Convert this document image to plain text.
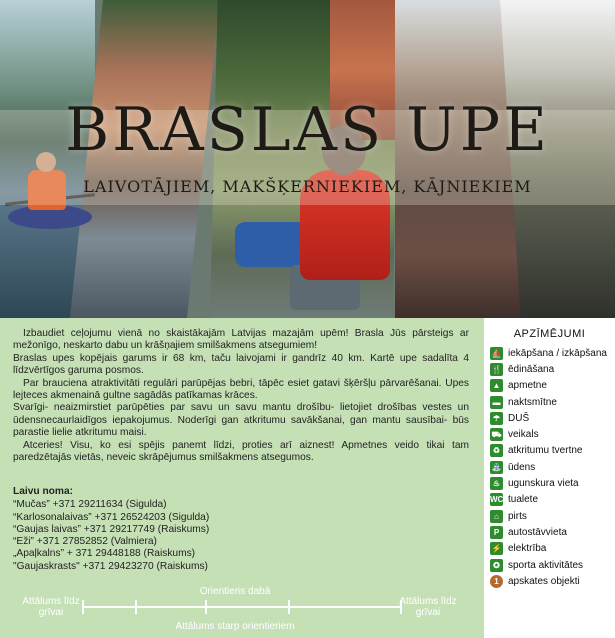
BRASLAS UPE
LAIVOTĀJIEM, MAKŠĶERNIEKIEM, KĀJNIEKIEM

Izbaudiet ceļojumu vienā no skaistākajām Latvijas mazajām upēm! Brasla Jūs pārsteigs ar mežonīgo, neskarto dabu un krāšņajiem smilšakmens atsegumiem!

Braslas upes kopējais garums ir 68 km, taču laivojami ir gandrīz 40 km. Kartē upe sadalīta 4 līdzvērtīgos garuma posmos.

Par brauciena atraktivitāti regulāri parūpējas bebri, tāpēc esiet gatavi šķēršļu pārvarēšanai. Upes lejteces akmenainā gultne sagādās patīkamas krāces.

Svarīgi- neaizmirstiet parūpēties par savu un savu mantu drošību- lietojiet drošības vestes un ūdensnecaurlaidīgos iepakojumus. Noderīgi gan atkritumu savākšanai, gan mantu sausībai- būs parastie lielie atkritumu maisi.

Atceries! Visu, ko esi spējis panemt līdzi, proties arī aiznest! Apmetnes veido tikai tam paredzētajās vietās, neveic skrāpējumus smilšakmens atsegumos.

Laivu noma:
“Mučas” +371 29211634 (Sigulda)
“Karlosonalaivas” +371 26524203 (Sigulda)
“Gaujas laivas” +371 29217749 (Raiskums)
“Eži” +371 27852852 (Valmiera)
„Apaļkalns” + 371 29448188 (Raiskums)
"Gaujaskrasts" +371 29423270 (Raiskums)
Attālums līdz grīvai
Orientieris dabā
Attālums starp orientieriem
Attālums līdz grīvai
APZĪMĒJUMI
⛵ iekāpšana / izkāpšana
🍴 ēdināšana
▲ apmetne
▬ naktsmītne
☂ DUŠ
⛟ veikals
♻ atkritumu tvertne
⛲ ūdens
♨ ugunskura vieta
WC tualete
⌂ pirts
P autostāvvieta
⚡ elektrība
✪ sporta aktivitātes
1 apskates objekti
